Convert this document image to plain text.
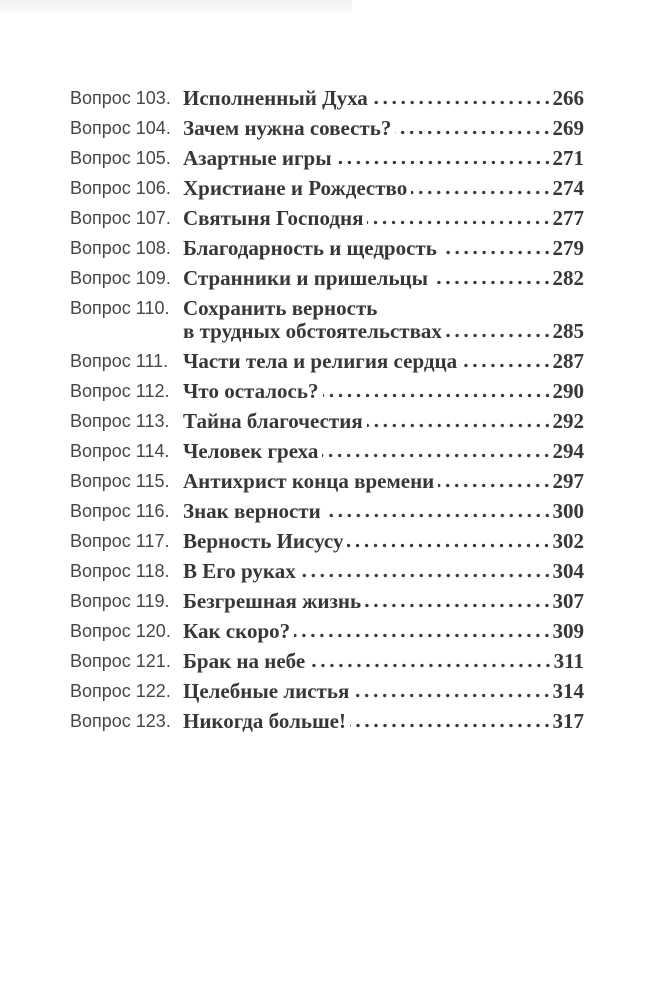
Вопрос 103. Исполненный Духа	266
Вопрос 104. Зачем нужна совесть?	269
Вопрос 105. Азартные игры	271
Вопрос 106. Христиане и Рождество	274
Вопрос 107. Святыня Господня	277
Вопрос 108. Благодарность и щедрость	279
Вопрос 109. Странники и пришельцы	282
Вопрос 110. Сохранить верность
в трудных обстоятельствах	285
Вопрос 111. Части тела и религия сердца	287
Вопрос 112. Что осталось?	290
Вопрос 113. Тайна благочестия	292
Вопрос 114. Человек греха	294
Вопрос 115. Антихрист конца времени	297
Вопрос 116. Знак верности	300
Вопрос 117. Верность Иисусу	302
Вопрос 118. В Его руках	304
Вопрос 119. Безгрешная жизнь	307
Вопрос 120. Как скоро?	309
Вопрос 121. Брак на небе	311
Вопрос 122. Целебные листья	314
Вопрос 123. Никогда больше!	317
